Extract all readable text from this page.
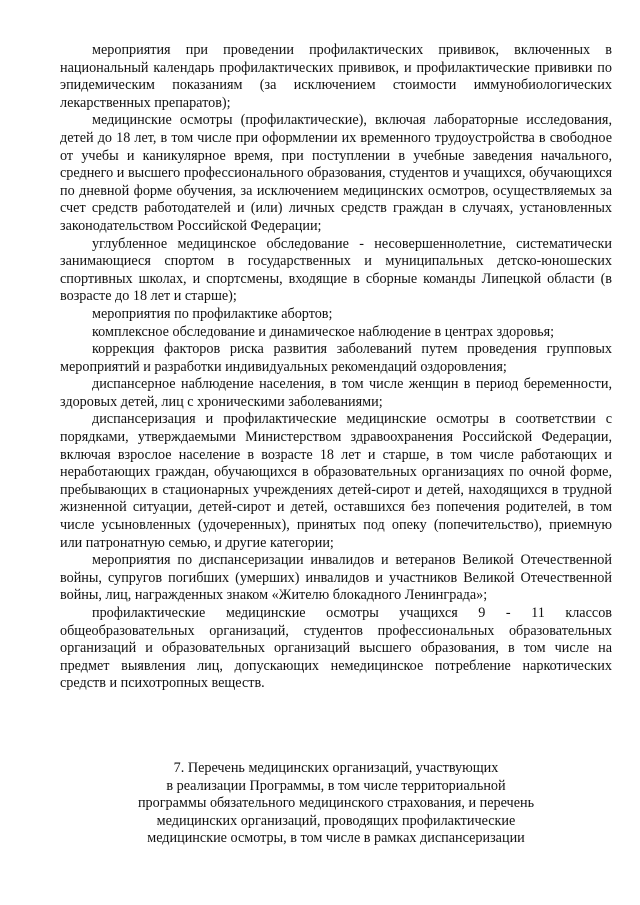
мероприятия при проведении профилактических прививок, включенных в национальный календарь профилактических прививок, и профилактические прививки по эпидемическим показаниям (за исключением стоимости иммунобиологических лекарственных препаратов);

медицинские осмотры (профилактические), включая лабораторные исследования, детей до 18 лет, в том числе при оформлении их временного трудоустройства в свободное от учебы и каникулярное время, при поступлении в учебные заведения начального, среднего и высшего профессионального образования, студентов и учащихся, обучающихся по дневной форме обучения, за исключением медицинских осмотров, осуществляемых за счет средств работодателей и (или) личных средств граждан в случаях, установленных законодательством Российской Федерации;

углубленное медицинское обследование - несовершеннолетние, систематически занимающиеся спортом в государственных и муниципальных детско-юношеских спортивных школах, и спортсмены, входящие в сборные команды Липецкой области (в возрасте до 18 лет и старше);

мероприятия по профилактике абортов;

комплексное обследование и динамическое наблюдение в центрах здоровья;

коррекция факторов риска развития заболеваний путем проведения групповых мероприятий и разработки индивидуальных рекомендаций оздоровления;

диспансерное наблюдение населения, в том числе женщин в период беременности, здоровых детей, лиц с хроническими заболеваниями;

диспансеризация и профилактические медицинские осмотры в соответствии с порядками, утверждаемыми Министерством здравоохранения Российской Федерации, включая взрослое население в возрасте 18 лет и старше, в том числе работающих и неработающих граждан, обучающихся в образовательных организациях по очной форме, пребывающих в стационарных учреждениях детей-сирот и детей, находящихся в трудной жизненной ситуации, детей-сирот и детей, оставшихся без попечения родителей, в том числе усыновленных (удочеренных), принятых под опеку (попечительство), приемную или патронатную семью, и другие категории;

мероприятия по диспансеризации инвалидов и ветеранов Великой Отечественной войны, супругов погибших (умерших) инвалидов и участников Великой Отечественной войны, лиц, награжденных знаком «Жителю блокадного Ленинграда»;

профилактические медицинские осмотры учащихся 9 - 11 классов общеобразовательных организаций, студентов профессиональных образовательных организаций и образовательных организаций высшего образования, в том числе на предмет выявления лиц, допускающих немедицинское потребление наркотических средств и психотропных веществ.

7. Перечень медицинских организаций, участвующих
в реализации Программы, в том числе территориальной
программы обязательного медицинского страхования, и перечень
медицинских организаций, проводящих профилактические
медицинские осмотры, в том числе в рамках диспансеризации
